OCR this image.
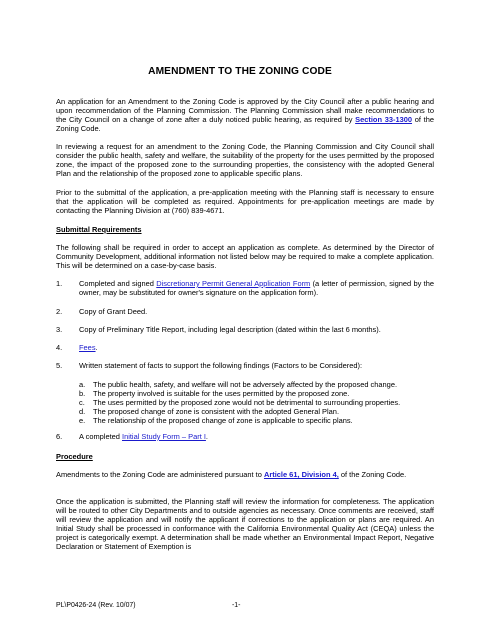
AMENDMENT TO THE ZONING CODE
An application for an Amendment to the Zoning Code is approved by the City Council after a public hearing and upon recommendation of the Planning Commission. The Planning Commission shall make recommendations to the City Council on a change of zone after a duly noticed public hearing, as required by Section 33-1300 of the Zoning Code.
In reviewing a request for an amendment to the Zoning Code, the Planning Commission and City Council shall consider the public health, safety and welfare, the suitability of the property for the uses permitted by the proposed zone, the impact of the proposed zone to the surrounding properties, the consistency with the adopted General Plan and the relationship of the proposed zone to applicable specific plans.
Prior to the submittal of the application, a pre-application meeting with the Planning staff is necessary to ensure that the application will be completed as required. Appointments for pre-application meetings are made by contacting the Planning Division at (760) 839-4671.
Submittal Requirements
The following shall be required in order to accept an application as complete. As determined by the Director of Community Development, additional information not listed below may be required to make a complete application. This will be determined on a case-by-case basis.
1. Completed and signed Discretionary Permit General Application Form (a letter of permission, signed by the owner, may be substituted for owner's signature on the application form).
2. Copy of Grant Deed.
3. Copy of Preliminary Title Report, including legal description (dated within the last 6 months).
4. Fees.
5. Written statement of facts to support the following findings (Factors to be Considered):
a. The public health, safety, and welfare will not be adversely affected by the proposed change.
b. The property involved is suitable for the uses permitted by the proposed zone.
c. The uses permitted by the proposed zone would not be detrimental to surrounding properties.
d. The proposed change of zone is consistent with the adopted General Plan.
e. The relationship of the proposed change of zone is applicable to specific plans.
6. A completed Initial Study Form – Part I.
Procedure
Amendments to the Zoning Code are administered pursuant to Article 61, Division 4, of the Zoning Code.
Once the application is submitted, the Planning staff will review the information for completeness. The application will be routed to other City Departments and to outside agencies as necessary. Once comments are received, staff will review the application and will notify the applicant if corrections to the application or plans are required. An Initial Study shall be processed in conformance with the California Environmental Quality Act (CEQA) unless the project is categorically exempt. A determination shall be made whether an Environmental Impact Report, Negative Declaration or Statement of Exemption is
PL\P0426-24 (Rev. 10/07)	-1-
